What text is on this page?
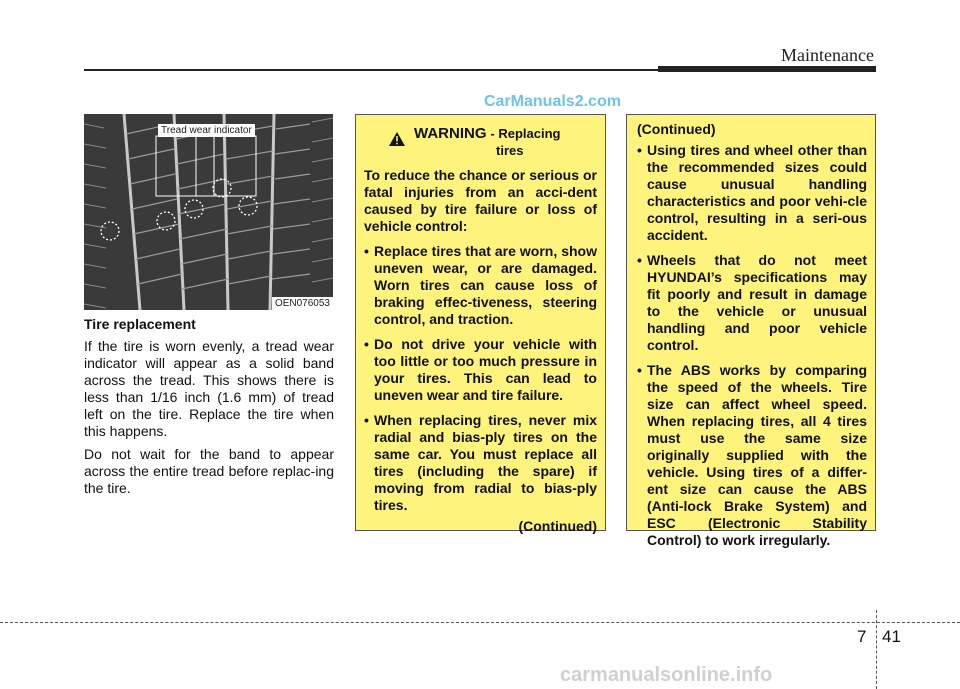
Maintenance
CarManuals2.com
Tread wear indicator
OEN076053
Tire replacement

If the tire is worn evenly, a tread wear indicator will appear as a solid band across the tread. This shows there is less than 1/16 inch (1.6 mm) of tread left on the tire. Replace the tire when this happens.

Do not wait for the band to appear across the entire tread before replac-ing the tire.

WARNING - Replacing
tires

To reduce the chance or serious or fatal injuries from an acci-dent caused by tire failure or loss of vehicle control:

• Replace tires that are worn, show uneven wear, or are damaged. Worn tires can cause loss of braking effec-tiveness, steering control, and traction.
• Do not drive your vehicle with too little or too much pressure in your tires. This can lead to uneven wear and tire failure.
• When replacing tires, never mix radial and bias-ply tires on the same car. You must replace all tires (including the spare) if moving from radial to bias-ply tires.
(Continued)

(Continued)

• Using tires and wheel other than the recommended sizes could cause unusual handling characteristics and poor vehi-cle control, resulting in a seri-ous accident.
• Wheels that do not meet HYUNDAI’s specifications may fit poorly and result in damage to the vehicle or unusual handling and poor vehicle control.
• The ABS works by comparing the speed of the wheels. Tire size can affect wheel speed. When replacing tires, all 4 tires must use the same size originally supplied with the vehicle. Using tires of a differ-ent size can cause the ABS (Anti-lock Brake System) and ESC (Electronic Stability Control) to work irregularly.
7 41
carmanualsonline.info
